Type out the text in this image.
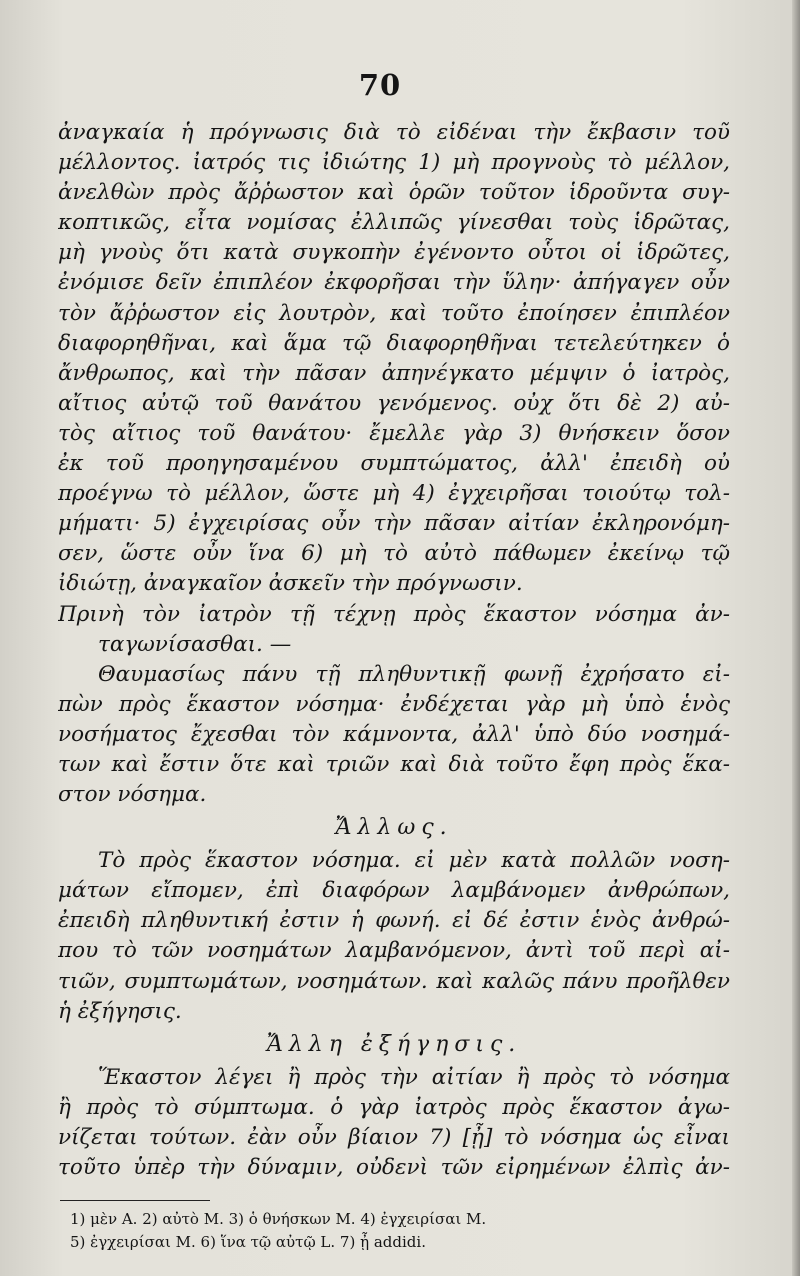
70
ἀναγκαία ἡ πρόγνωσις διὰ τὸ εἰδέναι τὴν ἔκβασιν τοῦ
μέλλοντος. ἰατρός τις ἰδιώτης 1) μὴ προγνοὺς τὸ μέλλον,
ἀνελθὼν πρὸς ἄῤῥωστον καὶ ὁρῶν τοῦτον ἱδροῦντα συγ-
κοπτικῶς, εἶτα νομίσας ἐλλιπῶς γίνεσθαι τοὺς ἱδρῶτας,
μὴ γνοὺς ὅτι κατὰ συγκοπὴν ἐγένοντο οὗτοι οἱ ἱδρῶτες,
ἐνόμισε δεῖν ἐπιπλέον ἐκφορῆσαι τὴν ὕλην· ἀπήγαγεν οὖν
τὸν ἄῤῥωστον εἰς λουτρὸν, καὶ τοῦτο ἐποίησεν ἐπιπλέον
διαφορηθῆναι, καὶ ἅμα τῷ διαφορηθῆναι τετελεύτηκεν ὁ
ἄνθρωπος, καὶ τὴν πᾶσαν ἀπηνέγκατο μέμψιν ὁ ἰατρὸς,
αἴτιος αὐτῷ τοῦ θανάτου γενόμενος. οὐχ ὅτι δὲ 2) αὐ-
τὸς αἴτιος τοῦ θανάτου· ἔμελλε γὰρ 3) θνήσκειν ὅσον
ἐκ τοῦ προηγησαμένου συμπτώματος, ἀλλ' ἐπειδὴ οὐ
προέγνω τὸ μέλλον, ὥστε μὴ 4) ἐγχειρῆσαι τοιούτῳ τολ-
μήματι· 5) ἐγχειρίσας οὖν τὴν πᾶσαν αἰτίαν ἐκληρονόμη-
σεν, ὥστε οὖν ἵνα 6) μὴ τὸ αὐτὸ πάθωμεν ἐκείνῳ τῷ
ἰδιώτῃ, ἀναγκαῖον ἀσκεῖν τὴν πρόγνωσιν.
Πρινὴ τὸν ἰατρὸν τῇ τέχνῃ πρὸς ἕκαστον νόσημα ἀν-
ταγωνίσασθαι. —
Θαυμασίως πάνυ τῇ πληθυντικῇ φωνῇ ἐχρήσατο εἰ-
πὼν πρὸς ἕκαστον νόσημα· ἐνδέχεται γὰρ μὴ ὑπὸ ἑνὸς
νοσήματος ἔχεσθαι τὸν κάμνοντα, ἀλλ' ὑπὸ δύο νοσημά-
των καὶ ἔστιν ὅτε καὶ τριῶν καὶ διὰ τοῦτο ἔφη πρὸς ἕκα-
στον νόσημα.
Ἄλλως.
Τὸ πρὸς ἕκαστον νόσημα. εἰ μὲν κατὰ πολλῶν νοση-
μάτων εἴπομεν, ἐπὶ διαφόρων λαμβάνομεν ἀνθρώπων,
ἐπειδὴ πληθυντική ἐστιν ἡ φωνή. εἰ δέ ἐστιν ἑνὸς ἀνθρώ-
που τὸ τῶν νοσημάτων λαμβανόμενον, ἀντὶ τοῦ περὶ αἰ-
τιῶν, συμπτωμάτων, νοσημάτων. καὶ καλῶς πάνυ προῆλθεν
ἡ ἐξήγησις.
Ἄλλη ἐξήγησις.
Ἕκαστον λέγει ἢ πρὸς τὴν αἰτίαν ἢ πρὸς τὸ νόσημα
ἢ πρὸς τὸ σύμπτωμα. ὁ γὰρ ἰατρὸς πρὸς ἕκαστον ἀγω-
νίζεται τούτων. ἐὰν οὖν βίαιον 7) [ᾖ] τὸ νόσημα ὡς εἶναι
τοῦτο ὑπὲρ τὴν δύναμιν, οὐδενὶ τῶν εἰρημένων ἐλπὶς ἀν-
1) μὲν A. 2) αὐτὸ M. 3) ὁ θνήσκων M. 4) ἐγχειρίσαι M.
5) ἐγχειρίσαι M. 6) ἵνα τῷ αὐτῷ L. 7) ᾖ addidi.
